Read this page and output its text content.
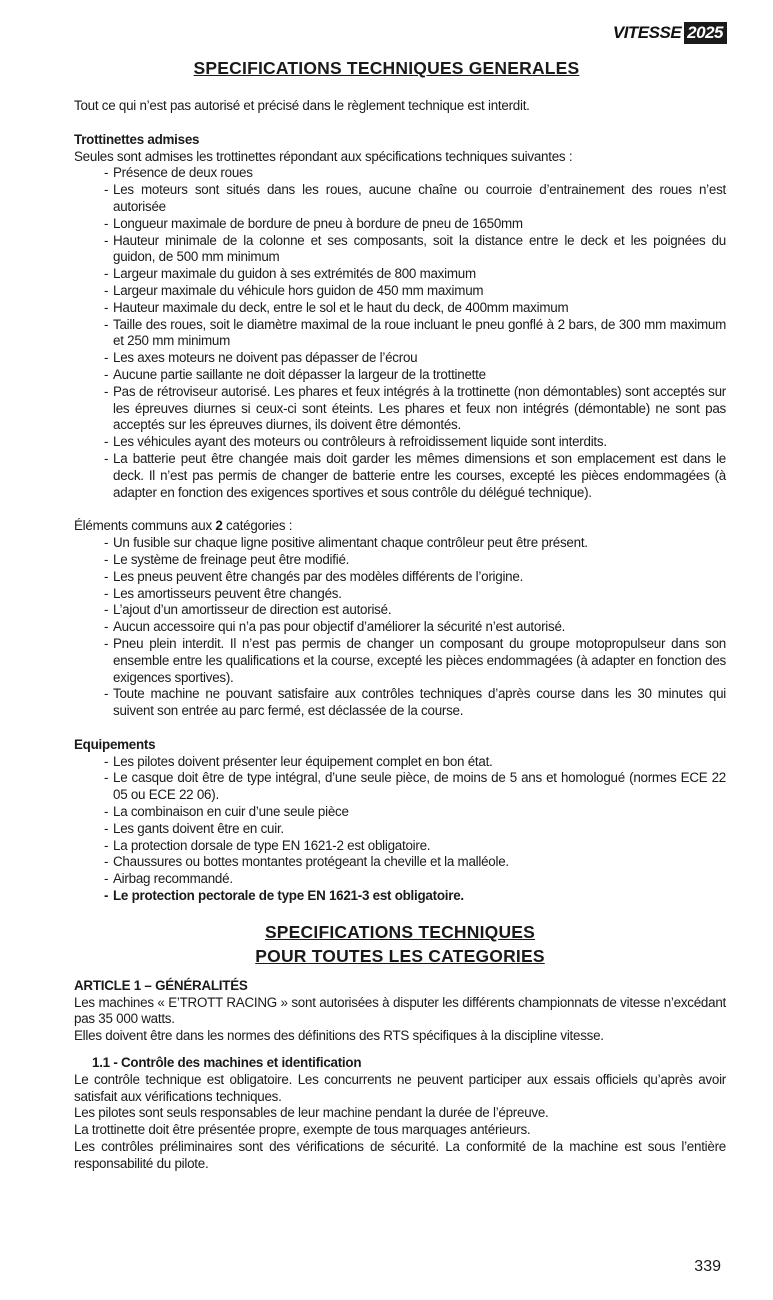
VITESSE 2025
SPECIFICATIONS TECHNIQUES GENERALES

Tout ce qui n’est pas autorisé et précisé dans le règlement technique est interdit.

Trottinettes admises

Seules sont admises les trottinettes répondant aux spécifications techniques suivantes :

- Présence de deux roues
- Les moteurs sont situés dans les roues, aucune chaîne ou courroie d’entrainement des roues n’est autorisée
- Longueur maximale de bordure de pneu à bordure de pneu de 1650mm
- Hauteur minimale de la colonne et ses composants, soit la distance entre le deck et les poignées du guidon, de 500 mm minimum
- Largeur maximale du guidon à ses extrémités de 800 maximum
- Largeur maximale du véhicule hors guidon de 450 mm maximum
- Hauteur maximale du deck, entre le sol et le haut du deck, de 400mm maximum
- Taille des roues, soit le diamètre maximal de la roue incluant le pneu gonflé à 2 bars, de 300 mm maximum et 250 mm minimum
- Les axes moteurs ne doivent pas dépasser de l’écrou
- Aucune partie saillante ne doit dépasser la largeur de la trottinette
- Pas de rétroviseur autorisé. Les phares et feux intégrés à la trottinette (non démontables) sont acceptés sur les épreuves diurnes si ceux-ci sont éteints. Les phares et feux non intégrés (démontable) ne sont pas acceptés sur les épreuves diurnes, ils doivent être démontés.
- Les véhicules ayant des moteurs ou contrôleurs à refroidissement liquide sont interdits.
- La batterie peut être changée mais doit garder les mêmes dimensions et son emplacement est dans le deck. Il n’est pas permis de changer de batterie entre les courses, excepté les pièces endommagées (à adapter en fonction des exigences sportives et sous contrôle du délégué technique).

Éléments communs aux 2 catégories :

- Un fusible sur chaque ligne positive alimentant chaque contrôleur peut être présent.
- Le système de freinage peut être modifié.
- Les pneus peuvent être changés par des modèles différents de l’origine.
- Les amortisseurs peuvent être changés.
- L’ajout d’un amortisseur de direction est autorisé.
- Aucun accessoire qui n’a pas pour objectif d’améliorer la sécurité n’est autorisé.
- Pneu plein interdit. Il n’est pas permis de changer un composant du groupe motopropulseur dans son ensemble entre les qualifications et la course, excepté les pièces endommagées (à adapter en fonction des exigences sportives).
- Toute machine ne pouvant satisfaire aux contrôles techniques d’après course dans les 30 minutes qui suivent son entrée au parc fermé, est déclassée de la course.

Equipements

- Les pilotes doivent présenter leur équipement complet en bon état.
- Le casque doit être de type intégral, d’une seule pièce, de moins de 5 ans et homologué (normes ECE 22 05 ou ECE 22 06).
- La combinaison en cuir d’une seule pièce
- Les gants doivent être en cuir.
- La protection dorsale de type EN 1621-2 est obligatoire.
- Chaussures ou bottes montantes protégeant la cheville et la malléole.
- Airbag recommandé.
- Le protection pectorale de type EN 1621-3 est obligatoire.
SPECIFICATIONS TECHNIQUES
POUR TOUTES LES CATEGORIES

ARTICLE 1 – GÉNÉRALITÉS

Les machines « E’TROTT RACING » sont autorisées à disputer les différents championnats de vitesse n’excédant pas 35 000 watts.

Elles doivent être dans les normes des définitions des RTS spécifiques à la discipline vitesse.

1.1 - Contrôle des machines et identification

Le contrôle technique est obligatoire. Les concurrents ne peuvent participer aux essais officiels qu’après avoir satisfait aux vérifications techniques.

Les pilotes sont seuls responsables de leur machine pendant la durée de l’épreuve.

La trottinette doit être présentée propre, exempte de tous marquages antérieurs.

Les contrôles préliminaires sont des vérifications de sécurité. La conformité de la machine est sous l’entière responsabilité du pilote.

339
